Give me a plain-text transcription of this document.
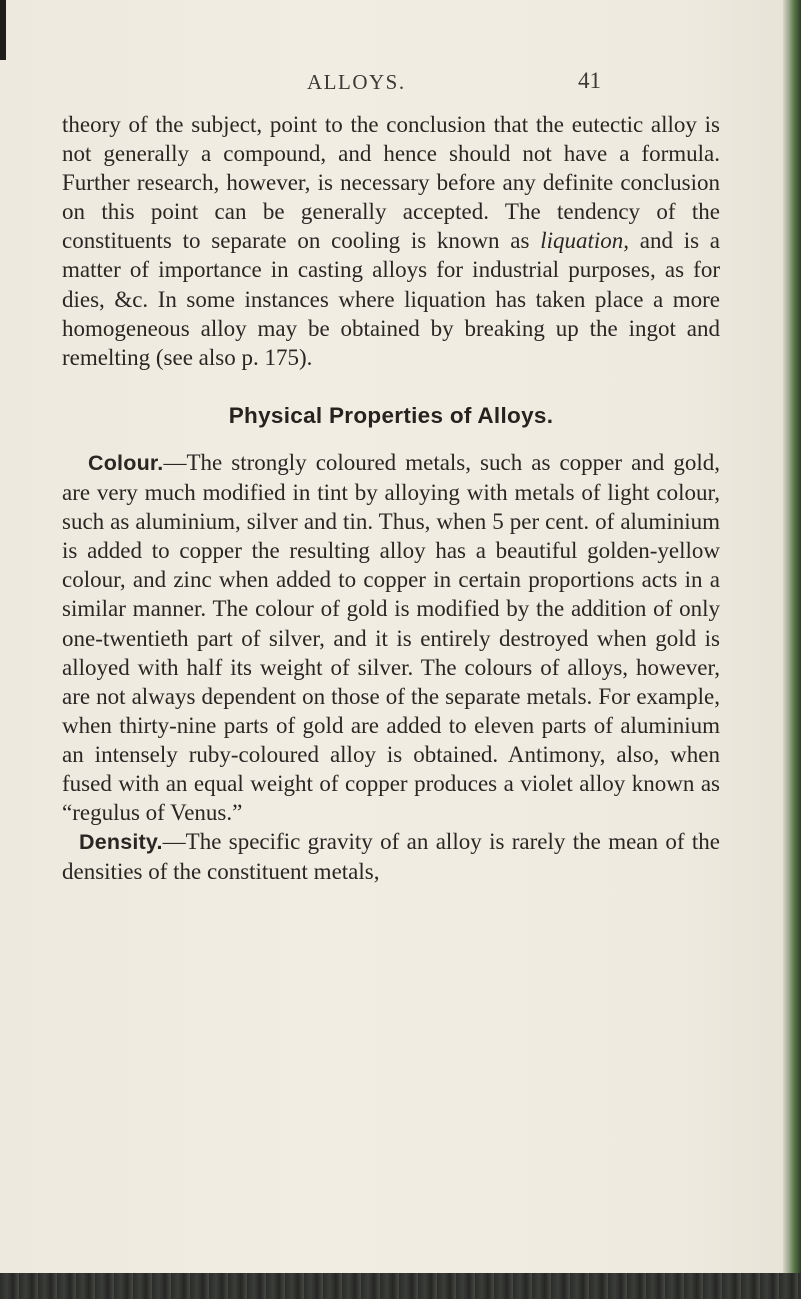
ALLOYS.	41

theory of the subject, point to the conclusion that the eutectic alloy is not generally a compound, and hence should not have a formula. Further research, however, is necessary before any definite conclusion on this point can be generally accepted. The tendency of the constituents to separate on cooling is known as liquation, and is a matter of importance in casting alloys for industrial purposes, as for dies, &c. In some instances where liquation has taken place a more homogeneous alloy may be obtained by breaking up the ingot and remelting (see also p. 175).

Physical Properties of Alloys.

Colour.—The strongly coloured metals, such as copper and gold, are very much modified in tint by alloying with metals of light colour, such as aluminium, silver and tin. Thus, when 5 per cent. of aluminium is added to copper the resulting alloy has a beautiful golden-yellow colour, and zinc when added to copper in certain proportions acts in a similar manner. The colour of gold is modified by the addition of only one-twentieth part of silver, and it is entirely destroyed when gold is alloyed with half its weight of silver. The colours of alloys, however, are not always dependent on those of the separate metals. For example, when thirty-nine parts of gold are added to eleven parts of aluminium an intensely ruby-coloured alloy is obtained. Antimony, also, when fused with an equal weight of copper produces a violet alloy known as “regulus of Venus.”

Density.—The specific gravity of an alloy is rarely the mean of the densities of the constituent metals,
